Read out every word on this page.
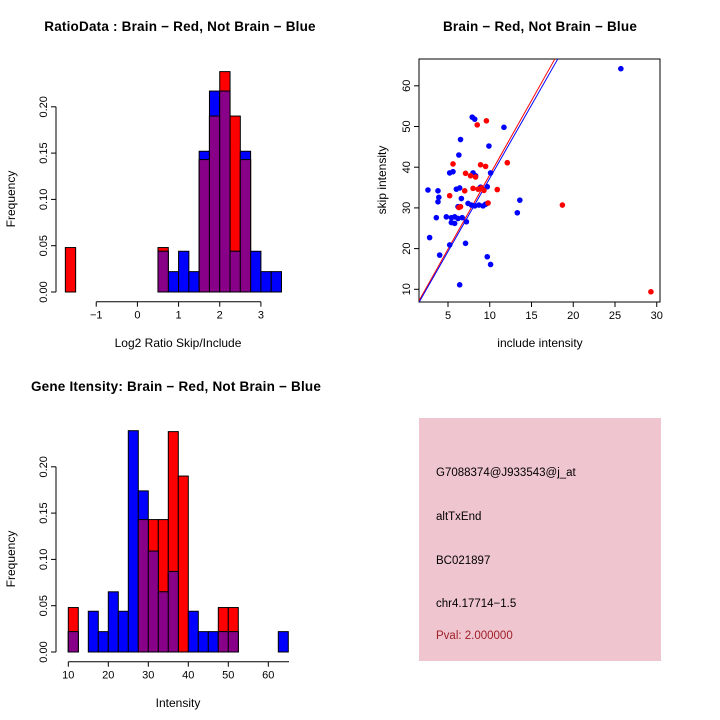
RatioData : Brain − Red, Not Brain − Blue
Log2 Ratio Skip/Include
Frequency
0.00
0.05
0.10
0.15
0.20
−1	0	1	2	3
Brain − Red, Not Brain − Blue
include intensity
skip intensity
5	10	15	20	25	30
10
20
30
40
50
60
Gene Itensity: Brain − Red, Not Brain − Blue
Intensity
Frequency
0.00
0.05
0.10
0.15
0.20
10	20	30	40	50	60
G7088374@J933543@j_at
altTxEnd
BC021897
chr4.17714−1.5
Pval: 2.000000
